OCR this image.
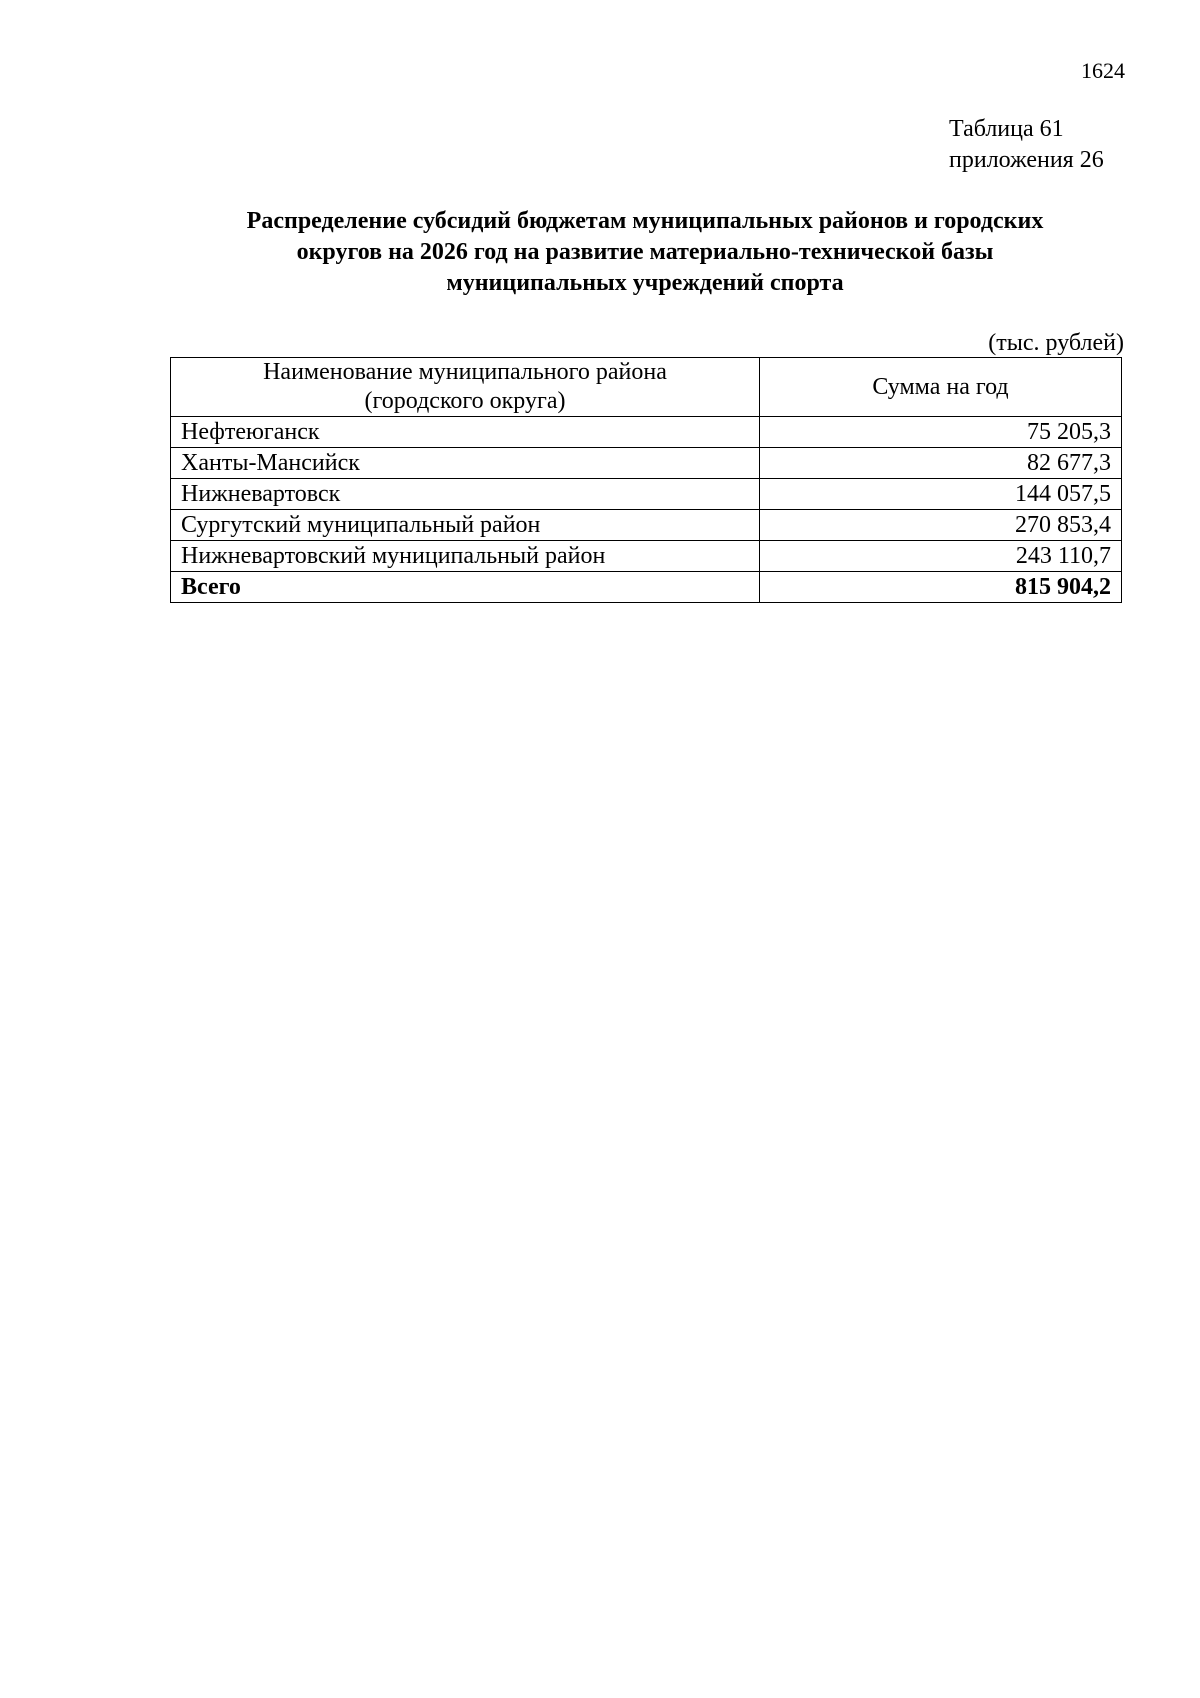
1624
Таблица 61
приложения 26
Распределение субсидий бюджетам муниципальных районов и городских
округов на 2026 год на развитие материально-технической базы
муниципальных учреждений спорта
(тыс. рублей)
Наименование муниципального района
(городского округа)	Сумма на год
Нефтеюганск	75 205,3
Ханты-Мансийск	82 677,3
Нижневартовск	144 057,5
Сургутский муниципальный район	270 853,4
Нижневартовский муниципальный район	243 110,7
Всего	815 904,2
